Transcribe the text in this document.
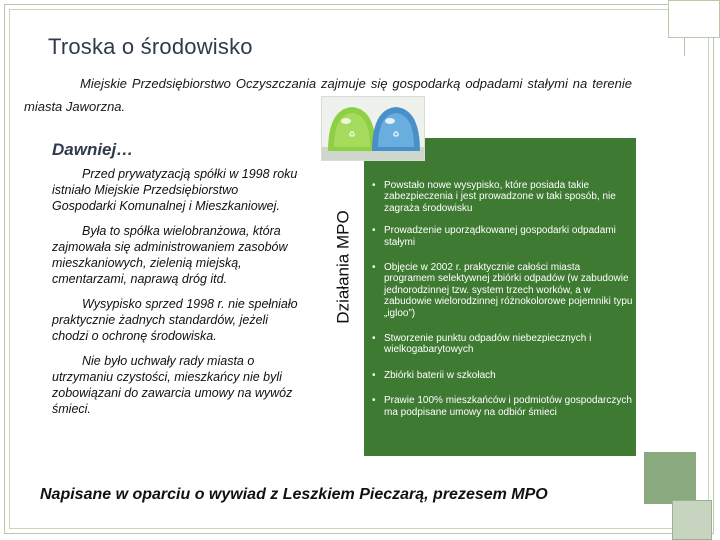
Troska o środowisko
Miejskie Przedsiębiorstwo Oczyszczania zajmuje się gospodarką odpadami stałymi na terenie miasta Jaworzna.
Dawniej…

Przed prywatyzacją spółki w 1998 roku istniało Miejskie Przedsiębiorstwo Gospodarki Komunalnej i Mieszkaniowej.

Była to spółka wielobranżowa, która zajmowała się administrowaniem zasobów mieszkaniowych, zielenią miejską, cmentarzami, naprawą dróg itd.

Wysypisko sprzed 1998 r. nie spełniało praktycznie żadnych standardów, jeżeli chodzi o ochronę środowiska.

Nie było uchwały rady miasta o utrzymaniu czystości, mieszkańcy nie byli zobowiązani do zawarcia umowy na wywóz śmieci.

Działania MPO
♻	♻
• Powstało nowe wysypisko, które posiada takie zabezpieczenia i jest prowadzone w taki sposób, nie zagraża środowisku
• Prowadzenie uporządkowanej gospodarki odpadami stałymi
• Objęcie w 2002 r. praktycznie całości miasta programem selektywnej zbiórki odpadów (w zabudowie jednorodzinnej tzw. system trzech worków, a w zabudowie wielorodzinnej różnokolorowe pojemniki typu „igloo”)
• Stworzenie punktu odpadów niebezpiecznych i wielkogabarytowych
• Zbiórki baterii w szkołach
• Prawie 100% mieszkańców i podmiotów gospodarczych ma podpisane umowy na odbiór śmieci
Napisane w oparciu o wywiad z Leszkiem Pieczarą, prezesem MPO
